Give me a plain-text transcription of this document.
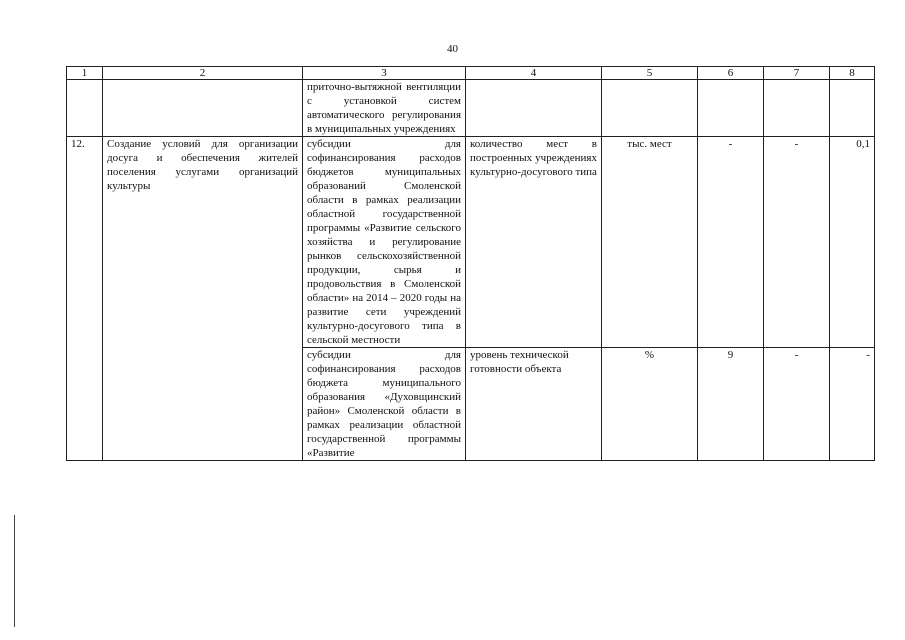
40
1	2	3	4	5	6	7	8
		приточно-вытяжной вентиляции с установкой систем автоматического регулирования в муниципальных учреждениях					
12.	Создание условий для организации досуга и обеспечения жителей поселения услугами организаций культуры	субсидии для софинансирования расходов бюджетов муниципальных образований Смоленской области в рамках реализации областной государственной программы «Развитие сельского хозяйства и регулирование рынков сельскохозяйственной продукции, сырья и продовольствия в Смоленской области» на 2014 – 2020 годы на развитие сети учреждений культурно-досугового типа в сельской местности	количество мест в построенных учреждениях культурно-досугового типа	тыс. мест	-	-	0,1
		субсидии для софинансирования расходов бюджета муниципального образования «Духовщинский район» Смоленской области в рамках реализации областной государственной программы «Развитие	уровень технической готовности объекта	%	9	-	-
